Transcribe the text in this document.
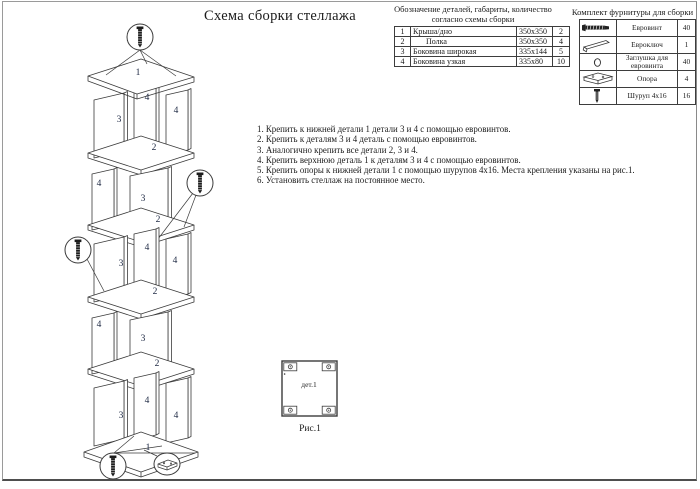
Схема сборки стеллажа	Обозначение деталей, габариты, количество
согласно схемы сборки
1	Крыша/дно	350x350	2
2	Полка	350x350	4
3	Боковина широкая	335x144	5
4	Боковина узкая	335x80	10
Комплект фурнитуры для сборки
	Евровинт	40

	Евроключ	1

	Заглушка для евровинта	40

	Опора	4

	Шуруп 4x16	16
1. Крепить к нижней детали 1 детали 3 и 4 с помощью евровинтов.
2. Крепить к деталям 3 и 4 деталь с помощью евровинтов.
3. Аналогично крепить все детали 2, 3 и 4.
4. Крепить верхнюю деталь 1 к деталям 3 и 4 с помощью евровинтов.
5. Крепить опоры к нижней детали 1 с помощью шурупов 4x16. Места крепления указаны на рис.1.
6. Установить стеллаж на постоянное место.
дет.1
Рис.1
1
4
4
3
2
4
3
2
4
3	4
2
4
3
2
4
3	4
1
